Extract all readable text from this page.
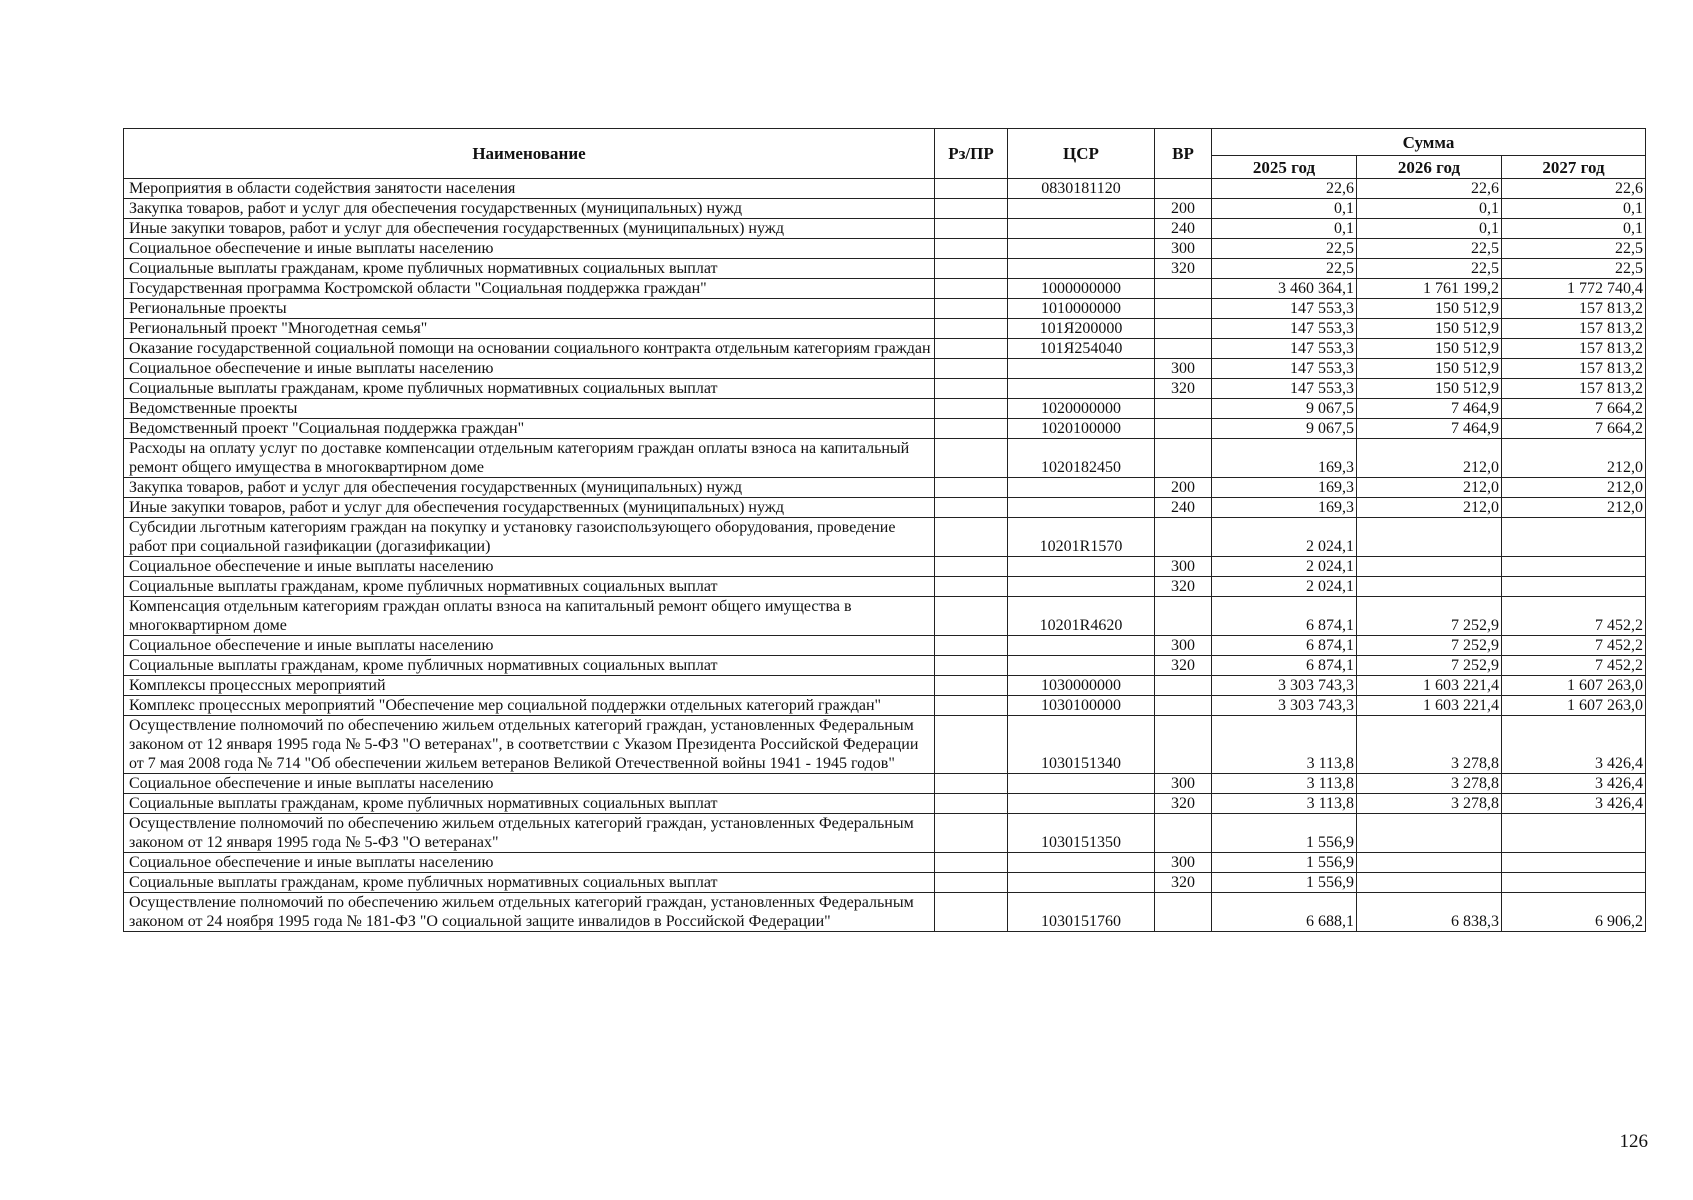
Наименование	Рз/ПР	ЦСР	ВР	Сумма		
				2025 год	2026 год	2027 год
Мероприятия в области содействия занятости населения		0830181120		22,6	22,6	22,6
Закупка товаров, работ и услуг для обеспечения государственных (муниципальных) нужд			200	0,1	0,1	0,1
Иные закупки товаров, работ и услуг для обеспечения государственных (муниципальных) нужд			240	0,1	0,1	0,1
Социальное обеспечение и иные выплаты населению			300	22,5	22,5	22,5
Социальные выплаты гражданам, кроме публичных нормативных социальных выплат			320	22,5	22,5	22,5
Государственная программа Костромской области "Социальная поддержка граждан"		1000000000		3 460 364,1	1 761 199,2	1 772 740,4
Региональные проекты		1010000000		147 553,3	150 512,9	157 813,2
Региональный проект "Многодетная семья"		101Я200000		147 553,3	150 512,9	157 813,2
Оказание государственной социальной помощи на основании социального контракта отдельным категориям граждан		101Я254040		147 553,3	150 512,9	157 813,2
Социальное обеспечение и иные выплаты населению			300	147 553,3	150 512,9	157 813,2
Социальные выплаты гражданам, кроме публичных нормативных социальных выплат			320	147 553,3	150 512,9	157 813,2
Ведомственные проекты		1020000000		9 067,5	7 464,9	7 664,2
Ведомственный проект "Социальная поддержка граждан"		1020100000		9 067,5	7 464,9	7 664,2
Расходы на оплату услуг по доставке компенсации отдельным категориям граждан оплаты взноса на капитальный ремонт общего имущества в многоквартирном доме		1020182450		169,3	212,0	212,0
Закупка товаров, работ и услуг для обеспечения государственных (муниципальных) нужд			200	169,3	212,0	212,0
Иные закупки товаров, работ и услуг для обеспечения государственных (муниципальных) нужд			240	169,3	212,0	212,0
Субсидии льготным категориям граждан на покупку и установку газоиспользующего оборудования, проведение работ при социальной газификации (догазификации)		10201R1570		2 024,1		
Социальное обеспечение и иные выплаты населению			300	2 024,1		
Социальные выплаты гражданам, кроме публичных нормативных социальных выплат			320	2 024,1		
Компенсация отдельным категориям граждан оплаты взноса на капитальный ремонт общего имущества в многоквартирном доме		10201R4620		6 874,1	7 252,9	7 452,2
Социальное обеспечение и иные выплаты населению			300	6 874,1	7 252,9	7 452,2
Социальные выплаты гражданам, кроме публичных нормативных социальных выплат			320	6 874,1	7 252,9	7 452,2
Комплексы процессных мероприятий		1030000000		3 303 743,3	1 603 221,4	1 607 263,0
Комплекс процессных мероприятий "Обеспечение мер социальной поддержки отдельных категорий граждан"		1030100000		3 303 743,3	1 603 221,4	1 607 263,0
Осуществление полномочий по обеспечению жильем отдельных категорий граждан, установленных Федеральным законом от 12 января 1995 года № 5-ФЗ "О ветеранах", в соответствии с Указом Президента Российской Федерации от 7 мая 2008 года № 714 "Об обеспечении жильем ветеранов Великой Отечественной войны 1941 - 1945 годов"		1030151340		3 113,8	3 278,8	3 426,4
Социальное обеспечение и иные выплаты населению			300	3 113,8	3 278,8	3 426,4
Социальные выплаты гражданам, кроме публичных нормативных социальных выплат			320	3 113,8	3 278,8	3 426,4
Осуществление полномочий по обеспечению жильем отдельных категорий граждан, установленных Федеральным законом от 12 января 1995 года № 5-ФЗ "О ветеранах"		1030151350		1 556,9		
Социальное обеспечение и иные выплаты населению			300	1 556,9		
Социальные выплаты гражданам, кроме публичных нормативных социальных выплат			320	1 556,9		
Осуществление полномочий по обеспечению жильем отдельных категорий граждан, установленных Федеральным законом от 24 ноября 1995 года № 181-ФЗ "О социальной защите инвалидов в Российской Федерации"		1030151760		6 688,1	6 838,3	6 906,2
126
